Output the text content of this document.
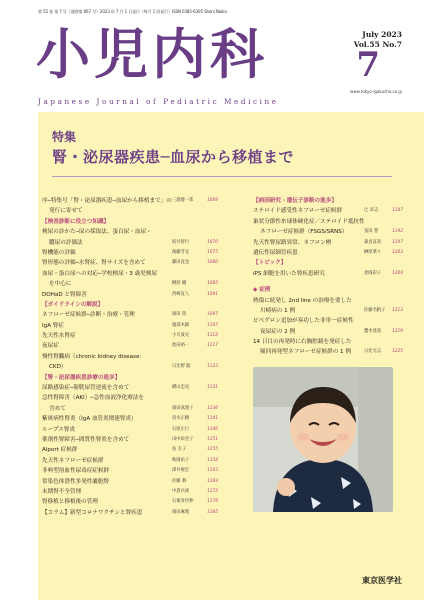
第 55 巻 第 7 号（通巻第 667 号）2023 年 7 月 1 日発行（毎月 1 回発行）ISSN 0385-6305 Shoni Naika
小児内科
Japanese Journal of Pediatric Medicine
July 2023
Vol.55 No.7
7
www.tokyo-igakusha.co.jp
特集
腎・泌尿器疾患─血尿から移植まで
序─特集号「腎・泌尿器疾患─血尿から移植まで」の 三浦健一郎	1069
発行に寄せて
【検査診断に役立つ知識】
検尿の診かた─尿の採取法、蛋白尿・血尿・
膿尿の評価法	坂井智行	1070
腎機能の評価	後藤芳充	1075
腎形態の評価─水腎症、腎サイズを含めて	藤田直也	1080
血尿・蛋白尿への対応─学校検尿・3 歳児検尿
を中心に	柳原 剛	1085
DOHaD と腎障害	西崎直人	1091
【ガイドラインの解説】
ネフローゼ症候群─診断・治療・管理	濱田 陸	1097
IgA 腎症	服部木綿	1107
先天性水腎症	小川貴史	1112
夜尿症	池田裕一	1117
慢性腎臓病（chronic kidney disease：
CKD）	日比野 聡	1123
【腎・泌尿器疾患診療の進歩】
尿路感染症─膀胱尿管逆流を含めて	横山忠史	1131
急性腎障害（AKI）─急性血液浄化療法を
含めて	濱田真理子	1136
紫斑病性腎炎（IgA 血管炎関連腎炎）	清水正樹	1141
ループス腎炎	石原正行	1146
薬剤性腎障害─間質性腎炎を含めて	田中絵里子	1151
Alport 症候群	島 友子	1155
先天性ネフローゼ症候群	秋岡祐子	1158
非典型溶血性尿毒症症候群	澤井俊宏	1163
常染色体潜性多発性嚢胞腎	佐藤 舞	1169
末期腎不全管理	中倉兵庫	1172
腎移植と移植後の管理	石塚喜世伸	1179
【コラム】新型コロナワクチンと腎疾患	岡田麻理	1185
【病因研究・遺伝子診断の進歩】
ステロイド感受性ネフローゼ症候群	辻 章志	1187
巣状分節性糸球体硬化症／ステロイド抵抗性
ネフローゼ症候群（FSGS/SRNS）	張田 豊	1192
先天性腎尿路異常、ネフロン癆	森貞直哉	1197
遺伝性尿細管疾患	榊原菜々	1203
【トピック】
iPS 細胞を用いた腎疾患研究	倉岡彩子	1209
◆ 症例
熱傷に続発し 2nd line の治療を要した
川崎病の 1 例	佐藤名帆子 1213
ピペグロン追加が奏功した非単一症候性
夜尿症の 2 例	鷹木達哉	1219
14 日目の再発時に右胸腔鏡を発症した
頻回再発型ネフローゼ症候群の 1 例	日比光志	1225
東京医学社
